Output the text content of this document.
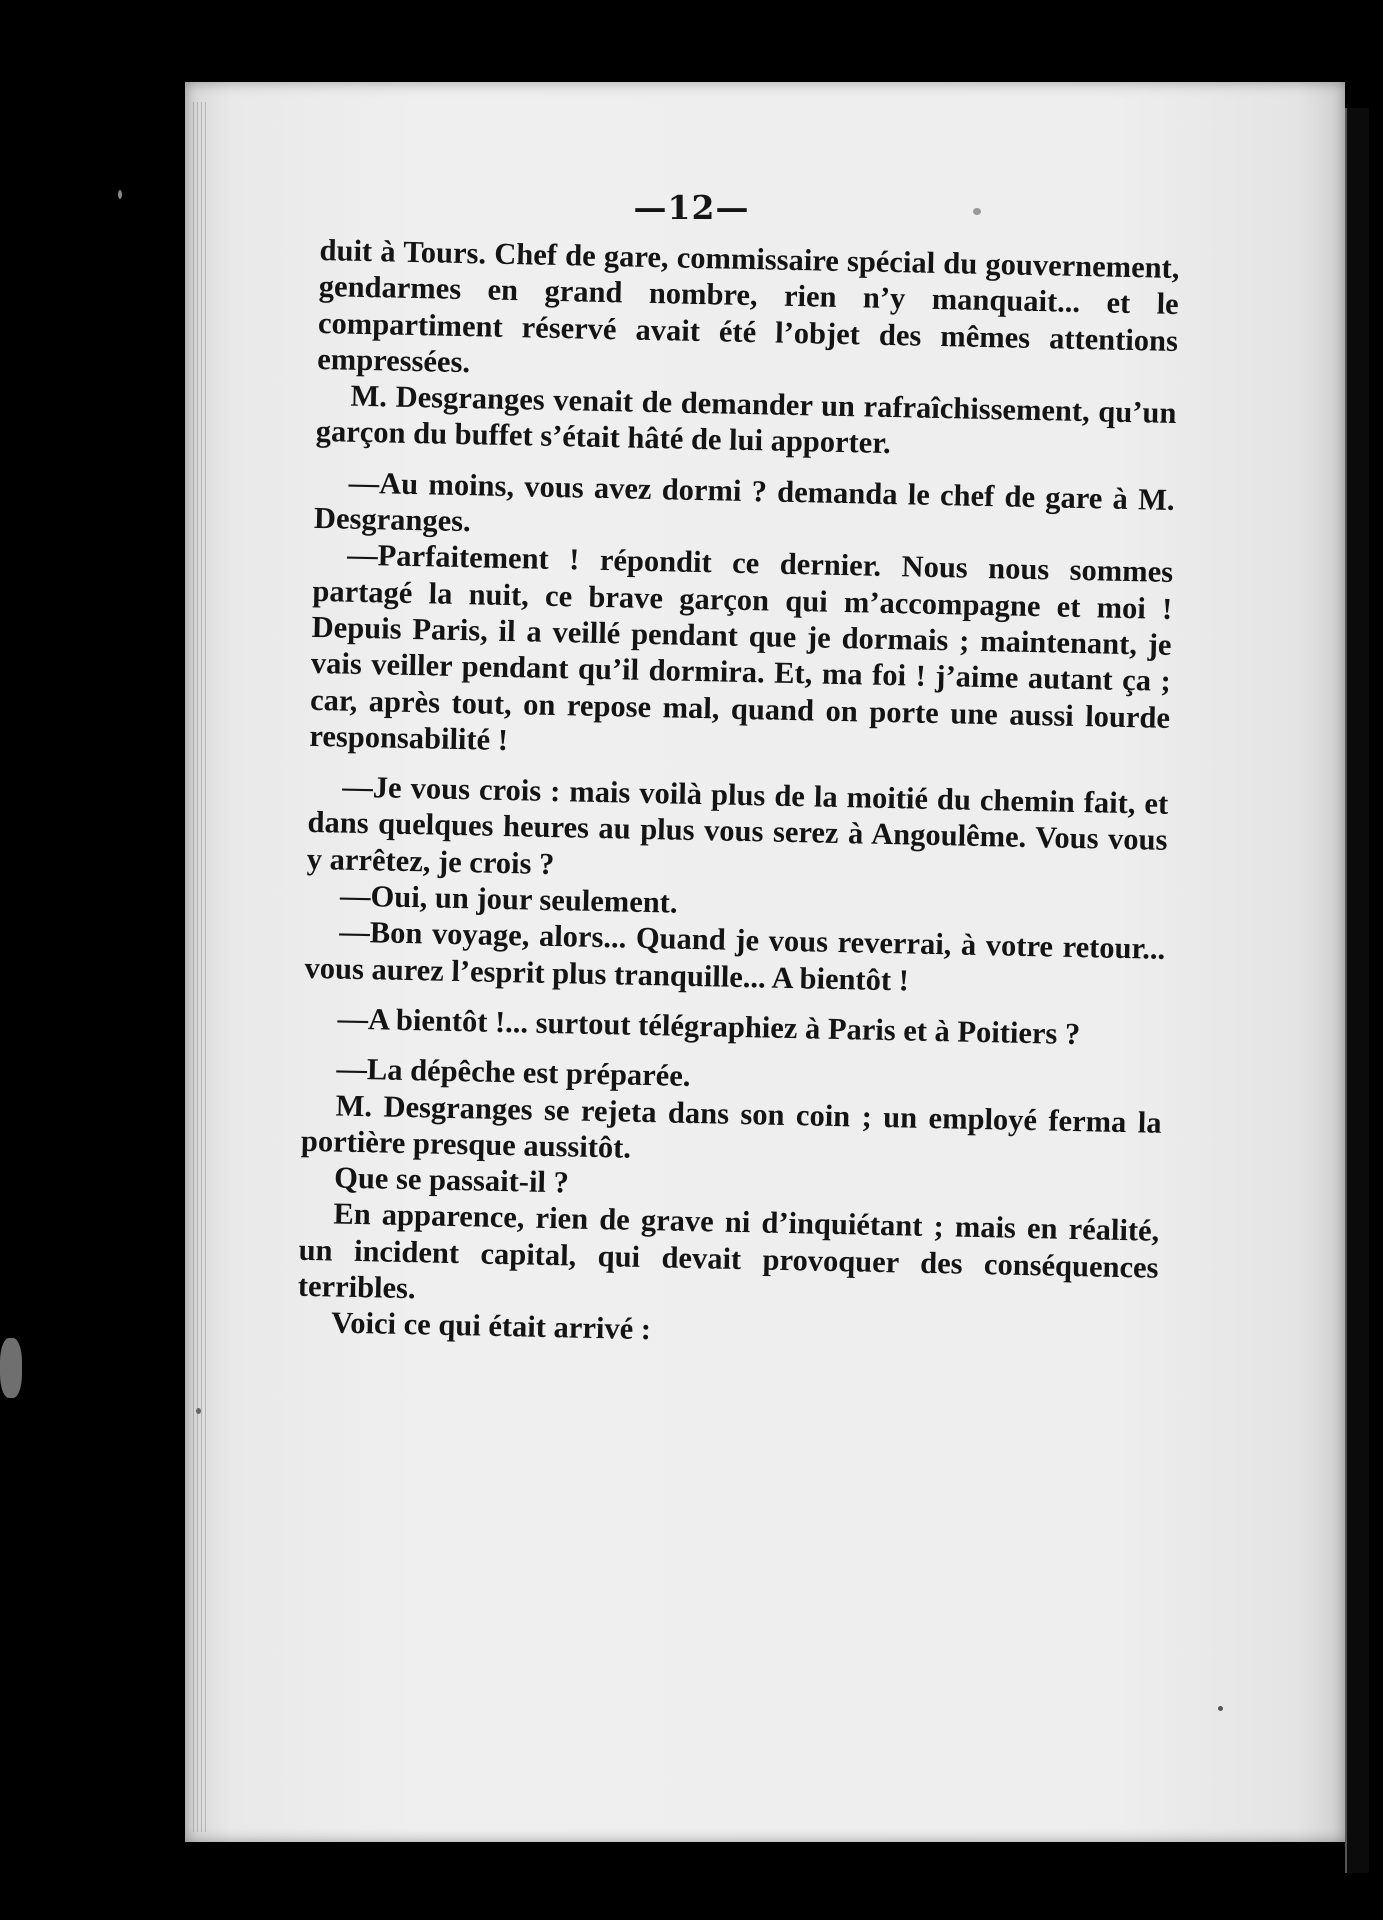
—12—

duit à Tours. Chef de gare, commissaire spécial du gouvernement, gendarmes en grand nombre, rien n’y manquait... et le compartiment réservé avait été l’objet des mêmes attentions empressées.

M. Desgranges venait de demander un rafraîchissement, qu’un garçon du buffet s’était hâté de lui apporter.

—Au moins, vous avez dormi ? demanda le chef de gare à M. Desgranges.

—Parfaitement ! répondit ce dernier. Nous nous sommes partagé la nuit, ce brave garçon qui m’accompagne et moi ! Depuis Paris, il a veillé pendant que je dormais ; maintenant, je vais veiller pendant qu’il dormira. Et, ma foi ! j’aime autant ça ; car, après tout, on repose mal, quand on porte une aussi lourde responsabilité !

—Je vous crois : mais voilà plus de la moitié du chemin fait, et dans quelques heures au plus vous serez à Angoulême. Vous vous y arrêtez, je crois ?

—Oui, un jour seulement.

—Bon voyage, alors... Quand je vous reverrai, à votre retour... vous aurez l’esprit plus tranquille... A bientôt !

—A bientôt !... surtout télégraphiez à Paris et à Poitiers ?

—La dépêche est préparée.

M. Desgranges se rejeta dans son coin ; un employé ferma la portière presque aussitôt.

Que se passait-il ?

En apparence, rien de grave ni d’inquiétant ; mais en réalité, un incident capital, qui devait provoquer des conséquences terribles.

Voici ce qui était arrivé :
